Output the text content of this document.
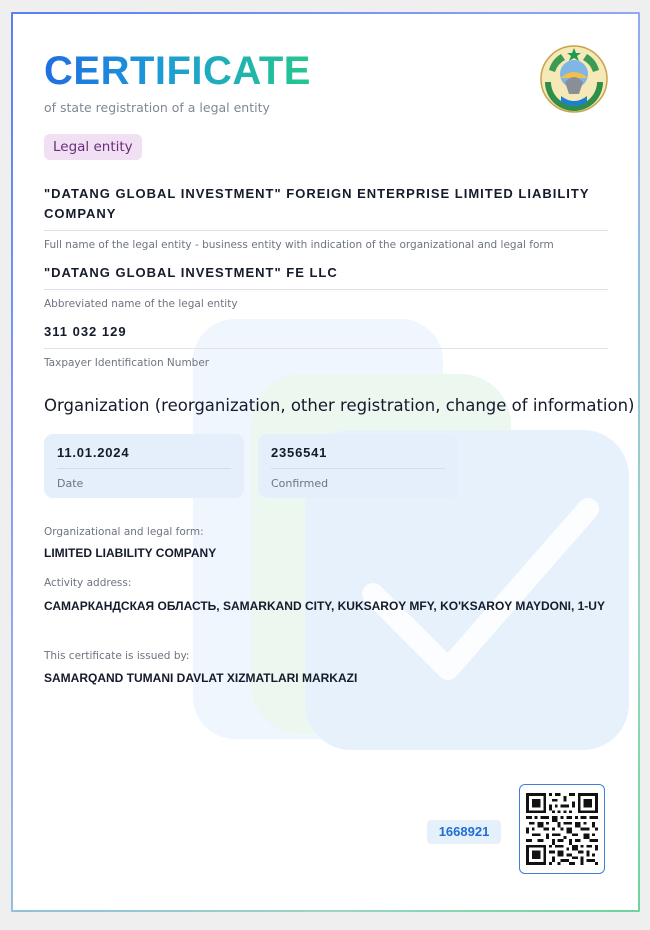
CERTIFICATE
of state registration of a legal entity
Legal entity
"DATANG GLOBAL INVESTMENT" FOREIGN ENTERPRISE LIMITED LIABILITY COMPANY
Full name of the legal entity - business entity with indication of the organizational and legal form
"DATANG GLOBAL INVESTMENT" FE LLC
Abbreviated name of the legal entity
311 032 129
Taxpayer Identification Number
Organization (reorganization, other registration, change of information)
11.01.2024
Date
2356541
Confirmed
Organizational and legal form:
LIMITED LIABILITY COMPANY
Activity address:
САМАРКАНДСКАЯ ОБЛАСТЬ, SAMARKAND CITY, KUKSAROY MFY, KO'KSAROY MAYDONI, 1-UY
This certificate is issued by:
SAMARQAND TUMANI DAVLAT XIZMATLARI MARKAZI
1668921
